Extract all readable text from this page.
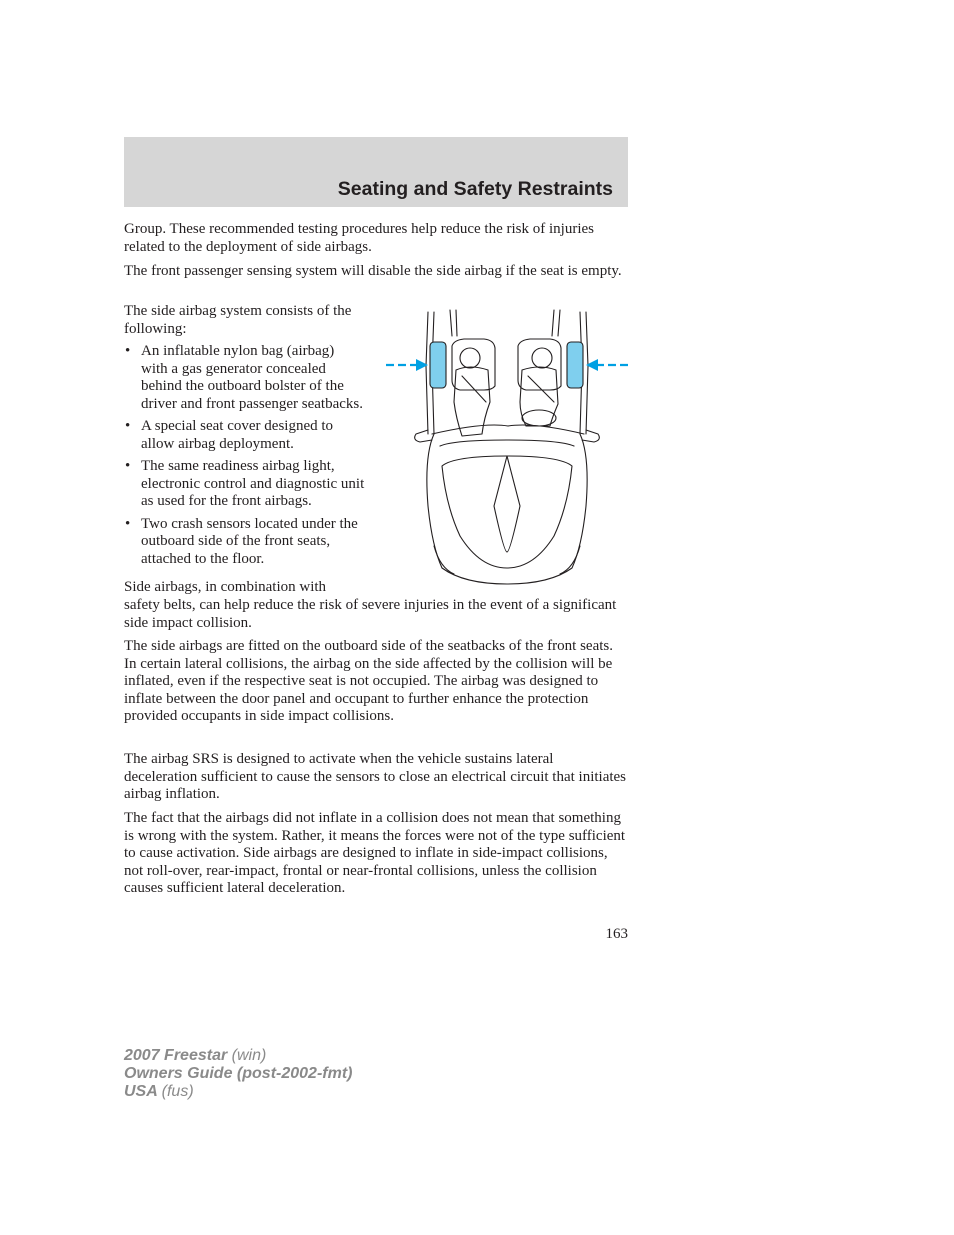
Seating and Safety Restraints

Group. These recommended testing procedures help reduce the risk of injuries related to the deployment of side airbags.

The front passenger sensing system will disable the side airbag if the seat is empty.

The side airbag system consists of the following:

• An inflatable nylon bag (airbag) with a gas generator concealed behind the outboard bolster of the driver and front passenger seatbacks.
• A special seat cover designed to allow airbag deployment.
• The same readiness airbag light, electronic control and diagnostic unit as used for the front airbags.
• Two crash sensors located under the outboard side of the front seats, attached to the floor.

Side airbags, in combination with

safety belts, can help reduce the risk of severe injuries in the event of a significant side impact collision.

The side airbags are fitted on the outboard side of the seatbacks of the front seats. In certain lateral collisions, the airbag on the side affected by the collision will be inflated, even if the respective seat is not occupied. The airbag was designed to inflate between the door panel and occupant to further enhance the protection provided occupants in side impact collisions.

The airbag SRS is designed to activate when the vehicle sustains lateral deceleration sufficient to cause the sensors to close an electrical circuit that initiates airbag inflation.

The fact that the airbags did not inflate in a collision does not mean that something is wrong with the system. Rather, it means the forces were not of the type sufficient to cause activation. Side airbags are designed to inflate in side-impact collisions, not roll-over, rear-impact, frontal or near-frontal collisions, unless the collision causes sufficient lateral deceleration.

163
2007 Freestar (win)
Owners Guide (post-2002-fmt)
USA (fus)
